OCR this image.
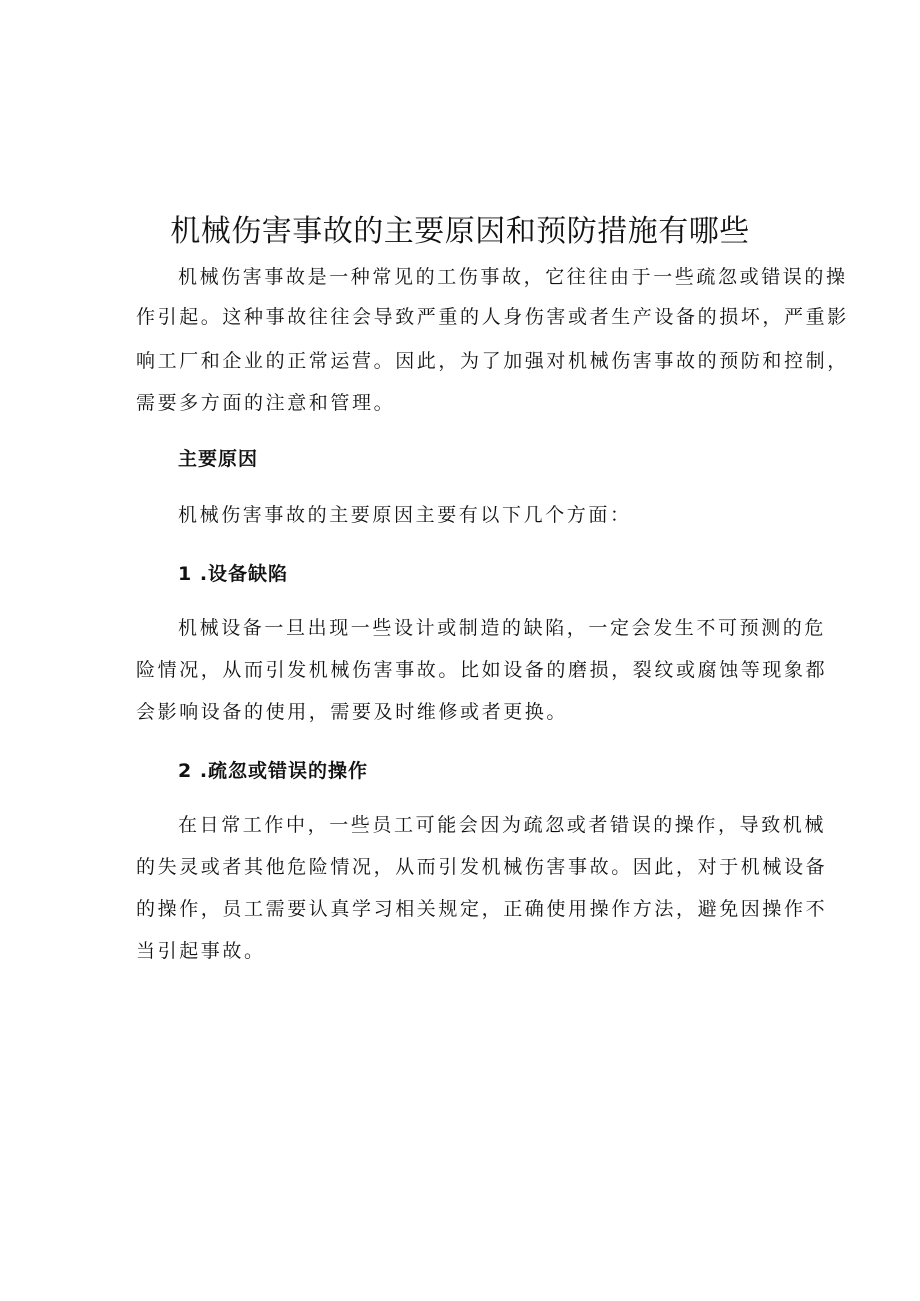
机械伤害事故的主要原因和预防措施有哪些
机械伤害事故是一种常见的工伤事故，它往往由于一些疏忽或错误的操
作引起。这种事故往往会导致严重的人身伤害或者生产设备的损坏，严重影
响工厂和企业的正常运营。因此，为了加强对机械伤害事故的预防和控制，
需要多方面的注意和管理。
主要原因
机械伤害事故的主要原因主要有以下几个方面：
1 .设备缺陷
机械设备一旦出现一些设计或制造的缺陷，一定会发生不可预测的危
险情况，从而引发机械伤害事故。比如设备的磨损，裂纹或腐蚀等现象都
会影响设备的使用，需要及时维修或者更换。
2 .疏忽或错误的操作
在日常工作中，一些员工可能会因为疏忽或者错误的操作，导致机械
的失灵或者其他危险情况，从而引发机械伤害事故。因此，对于机械设备
的操作，员工需要认真学习相关规定，正确使用操作方法，避免因操作不
当引起事故。
